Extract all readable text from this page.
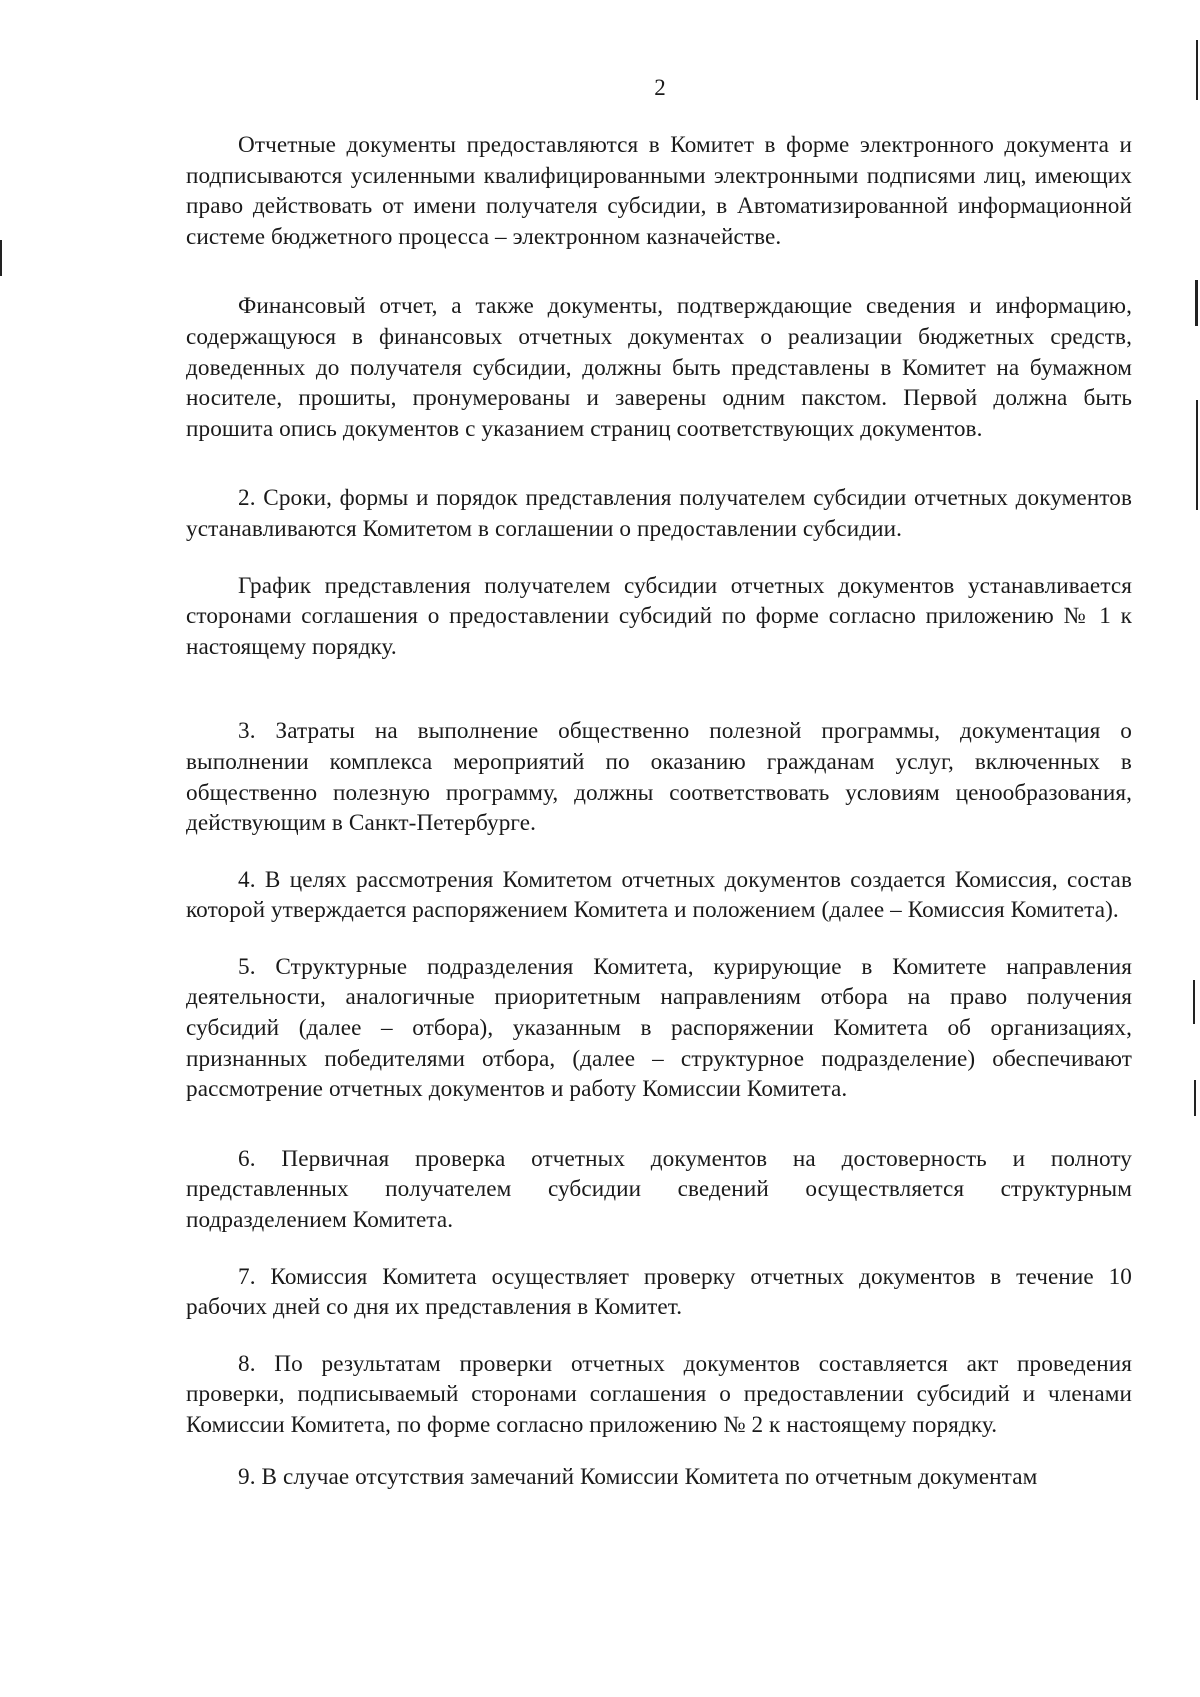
2

Отчетные документы предоставляются в Комитет в форме электронного документа и подписываются усиленными квалифицированными электронными подписями лиц, имеющих право действовать от имени получателя субсидии, в Автоматизированной информационной системе бюджетного процесса – электронном казначействе.

Финансовый отчет, а также документы, подтверждающие сведения и информацию, содержащуюся в финансовых отчетных документах о реализации бюджетных средств, доведенных до получателя субсидии, должны быть представлены в Комитет на бумажном носителе, прошиты, пронумерованы и заверены одним пакстом. Первой должна быть прошита опись документов с указанием страниц соответствующих документов.

2. Сроки, формы и порядок представления получателем субсидии отчетных документов устанавливаются Комитетом в соглашении о предоставлении субсидии.

График представления получателем субсидии отчетных документов устанавливается сторонами соглашения о предоставлении субсидий по форме согласно приложению № 1 к настоящему порядку.

3. Затраты на выполнение общественно полезной программы, документация о выполнении комплекса мероприятий по оказанию гражданам услуг, включенных в общественно полезную программу, должны соответствовать условиям ценообразования, действующим в Санкт-Петербурге.

4. В целях рассмотрения Комитетом отчетных документов создается Комиссия, состав которой утверждается распоряжением Комитета и положением (далее – Комиссия Комитета).

5. Структурные подразделения Комитета, курирующие в Комитете направления деятельности, аналогичные приоритетным направлениям отбора на право получения субсидий (далее – отбора), указанным в распоряжении Комитета об организациях, признанных победителями отбора, (далее – структурное подразделение) обеспечивают рассмотрение отчетных документов и работу Комиссии Комитета.

6. Первичная проверка отчетных документов на достоверность и полноту представленных получателем субсидии сведений осуществляется структурным подразделением Комитета.

7. Комиссия Комитета осуществляет проверку отчетных документов в течение 10 рабочих дней со дня их представления в Комитет.

8. По результатам проверки отчетных документов составляется акт проведения проверки, подписываемый сторонами соглашения о предоставлении субсидий и членами Комиссии Комитета, по форме согласно приложению № 2 к настоящему порядку.

9. В случае отсутствия замечаний Комиссии Комитета по отчетным документам
